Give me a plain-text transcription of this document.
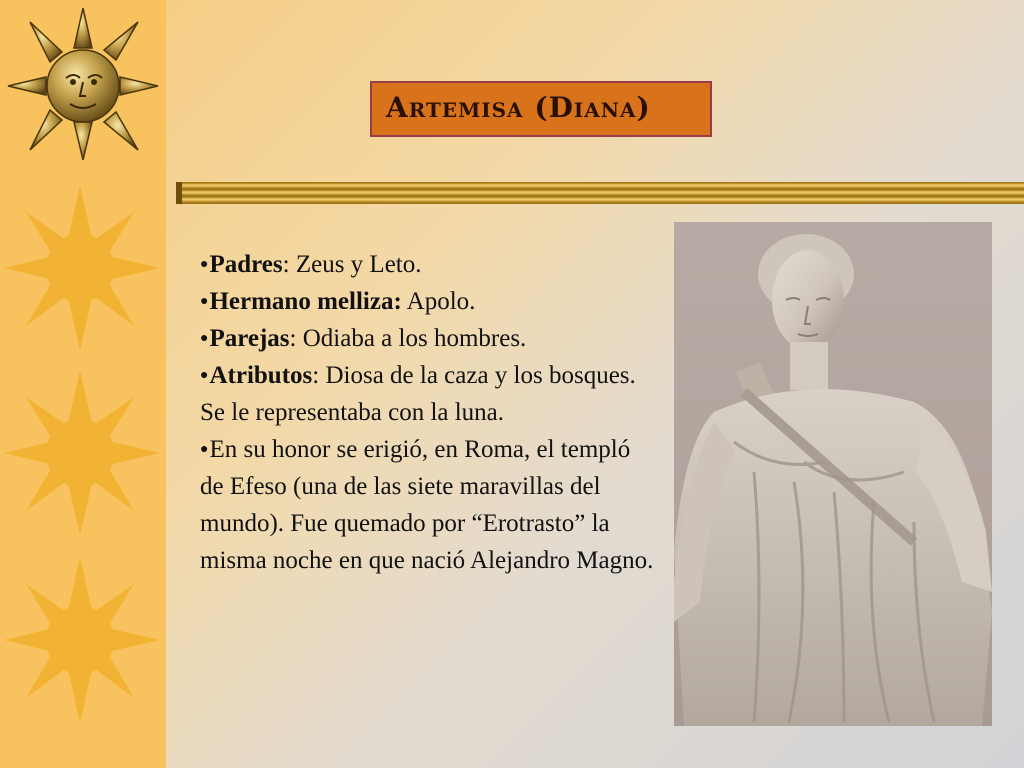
Artemisa (Diana)
●Padres: Zeus y Leto.
●Hermano melliza: Apolo.
●Parejas: Odiaba a los hombres.
●Atributos: Diosa de la caza y los bosques. Se le representaba con la luna.
●En su honor se erigió, en Roma, el templó de Efeso (una de las siete maravillas del mundo). Fue quemado por “Erotrasto” la misma noche en que nació Alejandro Magno.
